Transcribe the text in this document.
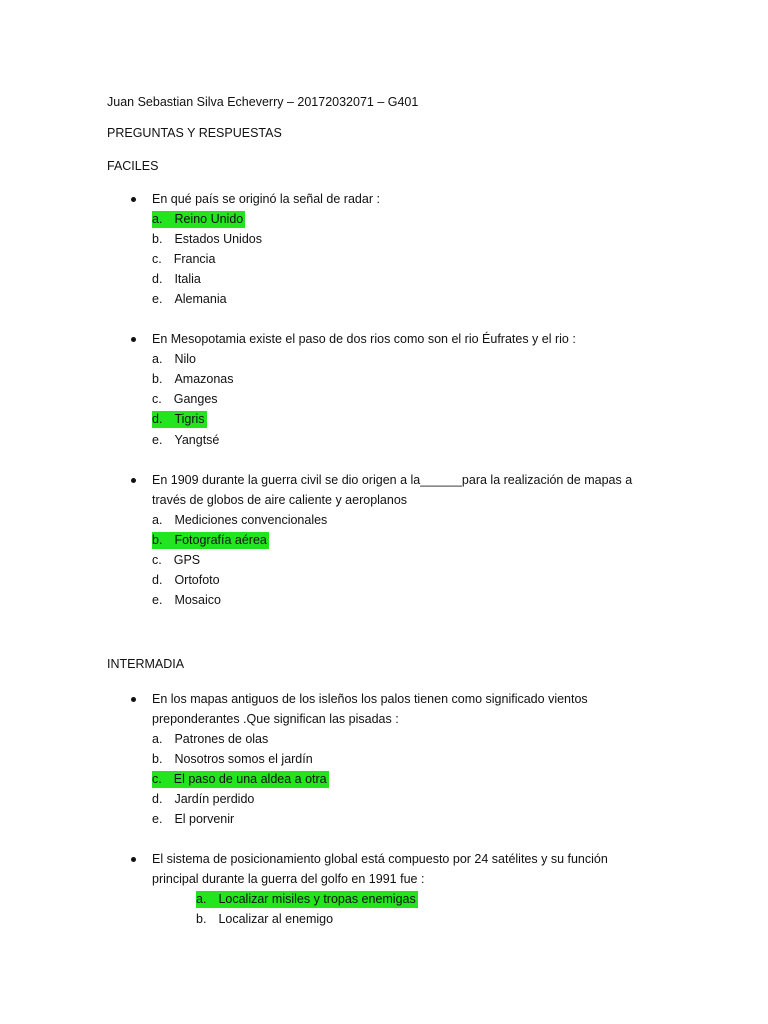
Juan Sebastian Silva Echeverry – 20172032071 – G401
PREGUNTAS Y RESPUESTAS
FACILES
En qué país se originó la señal de radar :
a. Reino Unido
b. Estados Unidos
c. Francia
d. Italia
e. Alemania
En Mesopotamia existe el paso de dos rios como son el rio Éufrates y el rio :
a. Nilo
b. Amazonas
c. Ganges
d. Tigris
e. Yangtsé
En 1909 durante la guerra civil se dio origen a la______para la realización de mapas a
través de globos de aire caliente y aeroplanos
a. Mediciones convencionales
b. Fotografía aérea
c. GPS
d. Ortofoto
e. Mosaico
INTERMADIA
En los mapas antiguos de los isleños los palos tienen como significado vientos
preponderantes .Que significan las pisadas :
a. Patrones de olas
b. Nosotros somos el jardín
c. El paso de una aldea a otra
d. Jardín perdido
e. El porvenir
El sistema de posicionamiento global está compuesto por 24 satélites y su función
principal durante la guerra del golfo en 1991 fue :
a. Localizar misiles y tropas enemigas
b. Localizar al enemigo
